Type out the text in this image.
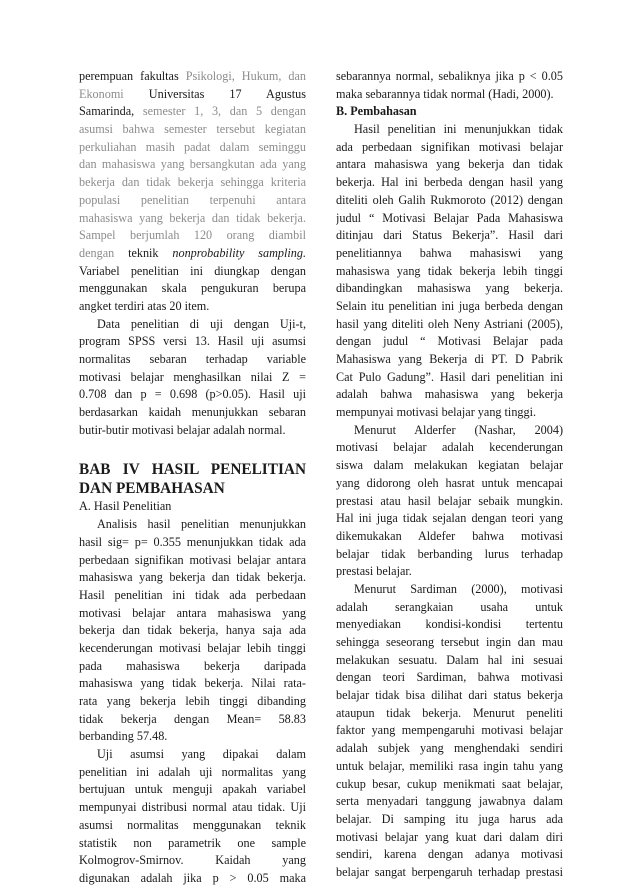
perempuan fakultas Psikologi, Hukum, dan
Ekonomi Universitas 17 Agustus
Samarinda, semester 1, 3, dan 5 dengan
asumsi bahwa semester tersebut kegiatan
perkuliahan masih padat dalam seminggu
dan mahasiswa yang bersangkutan ada yang
bekerja dan tidak bekerja sehingga kriteria
populasi penelitian terpenuhi antara
mahasiswa yang bekerja dan tidak bekerja.
Sampel berjumlah 120 orang diambil
dengan teknik nonprobability sampling.
Variabel penelitian ini diungkap dengan
menggunakan skala pengukuran berupa
angket terdiri atas 20 item.
Data penelitian di uji dengan Uji-t,
program SPSS versi 13. Hasil uji asumsi
normalitas sebaran terhadap variable
motivasi belajar menghasilkan nilai Z =
0.708 dan p = 0.698 (p>0.05). Hasil uji
berdasarkan kaidah menunjukkan sebaran
butir-butir motivasi belajar adalah normal.
BAB IV HASIL PENELITIAN
DAN PEMBAHASAN
A. Hasil Penelitian
Analisis hasil penelitian menunjukkan
hasil sig= p= 0.355 menunjukkan tidak ada
perbedaan signifikan motivasi belajar antara
mahasiswa yang bekerja dan tidak bekerja.
Hasil penelitian ini tidak ada perbedaan
motivasi belajar antara mahasiswa yang
bekerja dan tidak bekerja, hanya saja ada
kecenderungan motivasi belajar lebih tinggi
pada mahasiswa bekerja daripada
mahasiswa yang tidak bekerja. Nilai rata-
rata yang bekerja lebih tinggi dibanding
tidak bekerja dengan Mean= 58.83
berbanding 57.48.
Uji asumsi yang dipakai dalam
penelitian ini adalah uji normalitas yang
bertujuan untuk menguji apakah variabel
mempunyai distribusi normal atau tidak. Uji
asumsi normalitas menggunakan teknik
statistik non parametrik one sample
Kolmogrov-Smirnov. Kaidah yang
digunakan adalah jika p > 0.05 maka
sebarannya normal, sebaliknya jika p < 0.05
maka sebarannya tidak normal (Hadi, 2000).
B. Pembahasan
Hasil penelitian ini menunjukkan tidak
ada perbedaan signifikan motivasi belajar
antara mahasiswa yang bekerja dan tidak
bekerja. Hal ini berbeda dengan hasil yang
diteliti oleh Galih Rukmoroto (2012) dengan
judul “ Motivasi Belajar Pada Mahasiswa
ditinjau dari Status Bekerja”. Hasil dari
penelitiannya bahwa mahasiswi yang
mahasiswa yang tidak bekerja lebih tinggi
dibandingkan mahasiswa yang bekerja.
Selain itu penelitian ini juga berbeda dengan
hasil yang diteliti oleh Neny Astriani (2005),
dengan judul “ Motivasi Belajar pada
Mahasiswa yang Bekerja di PT. D Pabrik
Cat Pulo Gadung”. Hasil dari penelitian ini
adalah bahwa mahasiswa yang bekerja
mempunyai motivasi belajar yang tinggi.
Menurut Alderfer (Nashar, 2004)
motivasi belajar adalah kecenderungan
siswa dalam melakukan kegiatan belajar
yang didorong oleh hasrat untuk mencapai
prestasi atau hasil belajar sebaik mungkin.
Hal ini juga tidak sejalan dengan teori yang
dikemukakan Aldefer bahwa motivasi
belajar tidak berbanding lurus terhadap
prestasi belajar.
Menurut Sardiman (2000), motivasi
adalah serangkaian usaha untuk
menyediakan kondisi-kondisi tertentu
sehingga seseorang tersebut ingin dan mau
melakukan sesuatu. Dalam hal ini sesuai
dengan teori Sardiman, bahwa motivasi
belajar tidak bisa dilihat dari status bekerja
ataupun tidak bekerja. Menurut peneliti
faktor yang mempengaruhi motivasi belajar
adalah subjek yang menghendaki sendiri
untuk belajar, memiliki rasa ingin tahu yang
cukup besar, cukup menikmati saat belajar,
serta menyadari tanggung jawabnya dalam
belajar. Di samping itu juga harus ada
motivasi belajar yang kuat dari dalam diri
sendiri, karena dengan adanya motivasi
belajar sangat berpengaruh terhadap prestasi
